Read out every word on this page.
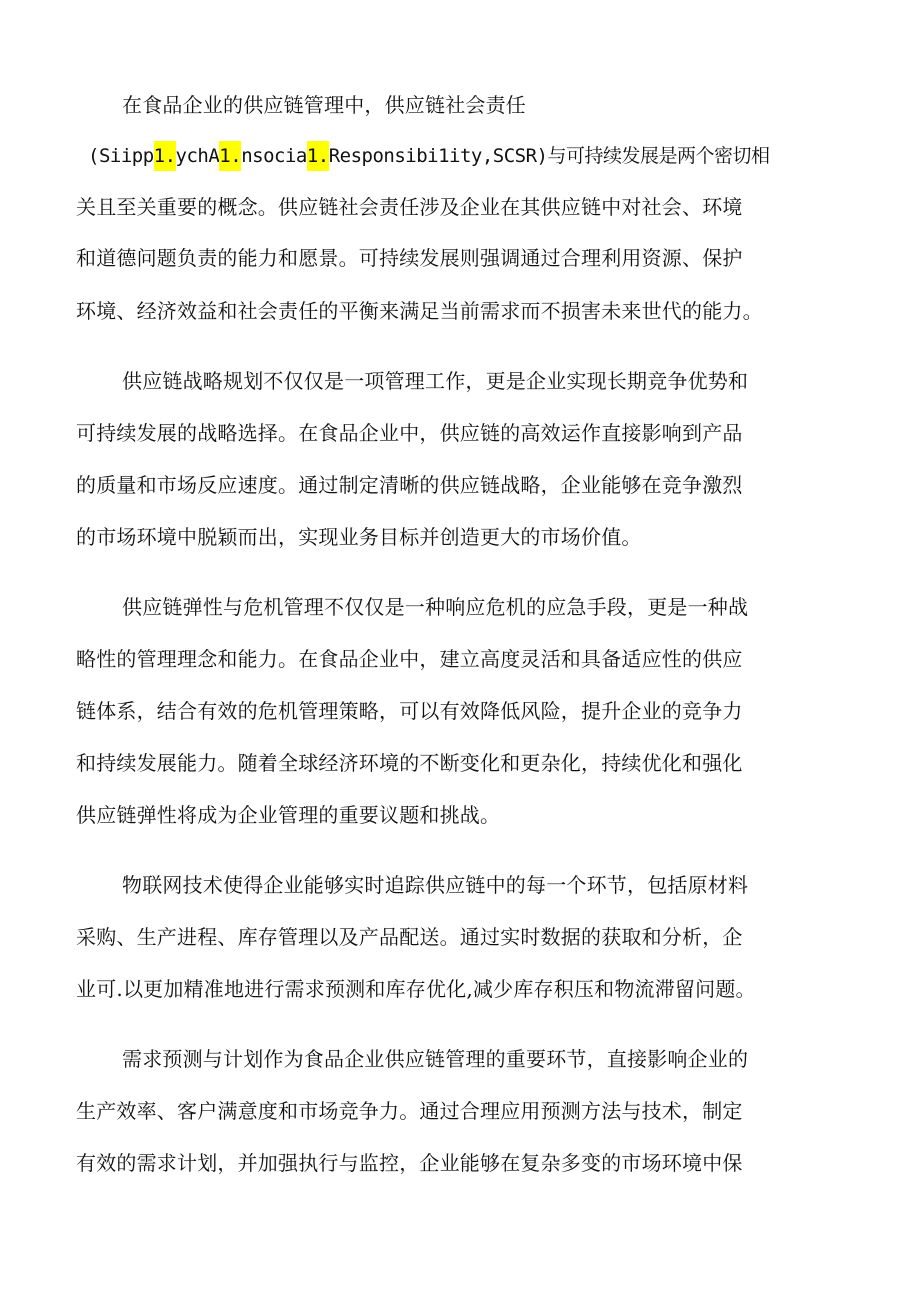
在食品企业的供应链管理中，供应链社会责任
(Siipp1.ychA1.nsocia1.Responsibi1ity,SCSR)与可持续发展是两个密切相
关且至关重要的概念。供应链社会责任涉及企业在其供应链中对社会、环境
和道德问题负责的能力和愿景。可持续发展则强调通过合理利用资源、保护
环境、经济效益和社会责任的平衡来满足当前需求而不损害未来世代的能力。
供应链战略规划不仅仅是一项管理工作，更是企业实现长期竞争优势和
可持续发展的战略选择。在食品企业中，供应链的高效运作直接影响到产品
的质量和市场反应速度。通过制定清晰的供应链战略，企业能够在竞争激烈
的市场环境中脱颖而出，实现业务目标并创造更大的市场价值。
供应链弹性与危机管理不仅仅是一种响应危机的应急手段，更是一种战
略性的管理理念和能力。在食品企业中，建立高度灵活和具备适应性的供应
链体系，结合有效的危机管理策略，可以有效降低风险，提升企业的竞争力
和持续发展能力。随着全球经济环境的不断变化和更杂化，持续优化和强化
供应链弹性将成为企业管理的重要议题和挑战。
物联网技术使得企业能够实时追踪供应链中的每一个环节，包括原材料
采购、生产进程、库存管理以及产品配送。通过实时数据的获取和分析，企
业可.以更加精准地进行需求预测和库存优化,减少库存积压和物流滞留问题。
需求预测与计划作为食品企业供应链管理的重要环节，直接影响企业的
生产效率、客户满意度和市场竞争力。通过合理应用预测方法与技术，制定
有效的需求计划，并加强执行与监控，企业能够在复杂多变的市场环境中保
